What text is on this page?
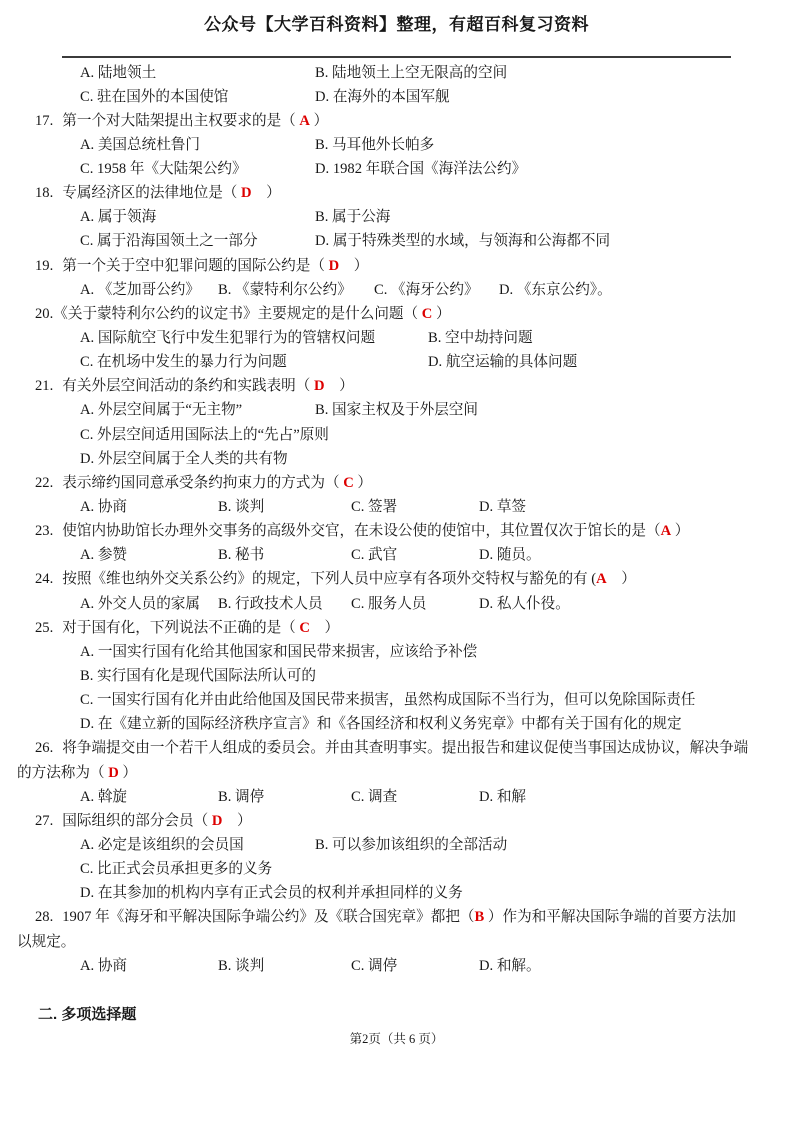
公众号【大学百科资料】整理，有超百科复习资料
A. 陆地领土	B. 陆地领土上空无限高的空间
C. 驻在国外的本国使馆	D. 在海外的本国军舰
17. 第一个对大陆架提出主权要求的是（ A ）
A. 美国总统杜鲁门	B. 马耳他外长帕多
C. 1958 年《大陆架公约》	D. 1982 年联合国《海洋法公约》
18. 专属经济区的法律地位是（ D　）
A. 属于领海	B. 属于公海
C. 属于沿海国领土之一部分	D. 属于特殊类型的水域，与领海和公海都不同
19. 第一个关于空中犯罪问题的国际公约是（ D　）
A. 《芝加哥公约》 B. 《蒙特利尔公约》 C. 《海牙公约》 D. 《东京公约》。
20.《关于蒙特利尔公约的议定书》主要规定的是什么问题（ C ）
A. 国际航空飞行中发生犯罪行为的管辖权问题	B. 空中劫持问题
C. 在机场中发生的暴力行为问题	D. 航空运输的具体问题
21. 有关外层空间活动的条约和实践表明（ D　）
A. 外层空间属于“无主物”	B. 国家主权及于外层空间
C. 外层空间适用国际法上的“先占”原则
D. 外层空间属于全人类的共有物
22. 表示缔约国同意承受条约拘束力的方式为（ C ）
A. 协商	B. 谈判	C. 签署	D. 草签
23. 使馆内协助馆长办理外交事务的高级外交官，在未设公使的使馆中，其位置仅次于馆长的是（A ）
A. 参赞	B. 秘书	C. 武官	D. 随员。
24. 按照《维也纳外交关系公约》的规定，下列人员中应享有各项外交特权与豁免的有 (A　）
A. 外交人员的家属 B. 行政技术人员 C. 服务人员	D. 私人仆役。
25. 对于国有化，下列说法不正确的是（ C　）
A. 一国实行国有化给其他国家和国民带来损害，应该给予补偿
B. 实行国有化是现代国际法所认可的
C. 一国实行国有化并由此给他国及国民带来损害，虽然构成国际不当行为，但可以免除国际责任
D. 在《建立新的国际经济秩序宣言》和《各国经济和权利义务宪章》中都有关于国有化的规定
26. 将争端提交由一个若干人组成的委员会。并由其查明事实。提出报告和建议促使当事国达成协议，解决争端
的方法称为（ D ）
A. 斡旋	B. 调停	C. 调查	D. 和解
27. 国际组织的部分会员（ D　）
A. 必定是该组织的会员国	B. 可以参加该组织的全部活动
C. 比正式会员承担更多的义务
D. 在其参加的机构内享有正式会员的权利并承担同样的义务
28. 1907 年《海牙和平解决国际争端公约》及《联合国宪章》都把（B ）作为和平解决国际争端的首要方法加
以规定。
A. 协商	B. 谈判	C. 调停	D. 和解。
二. 多项选择题
第2页（共 6 页）
